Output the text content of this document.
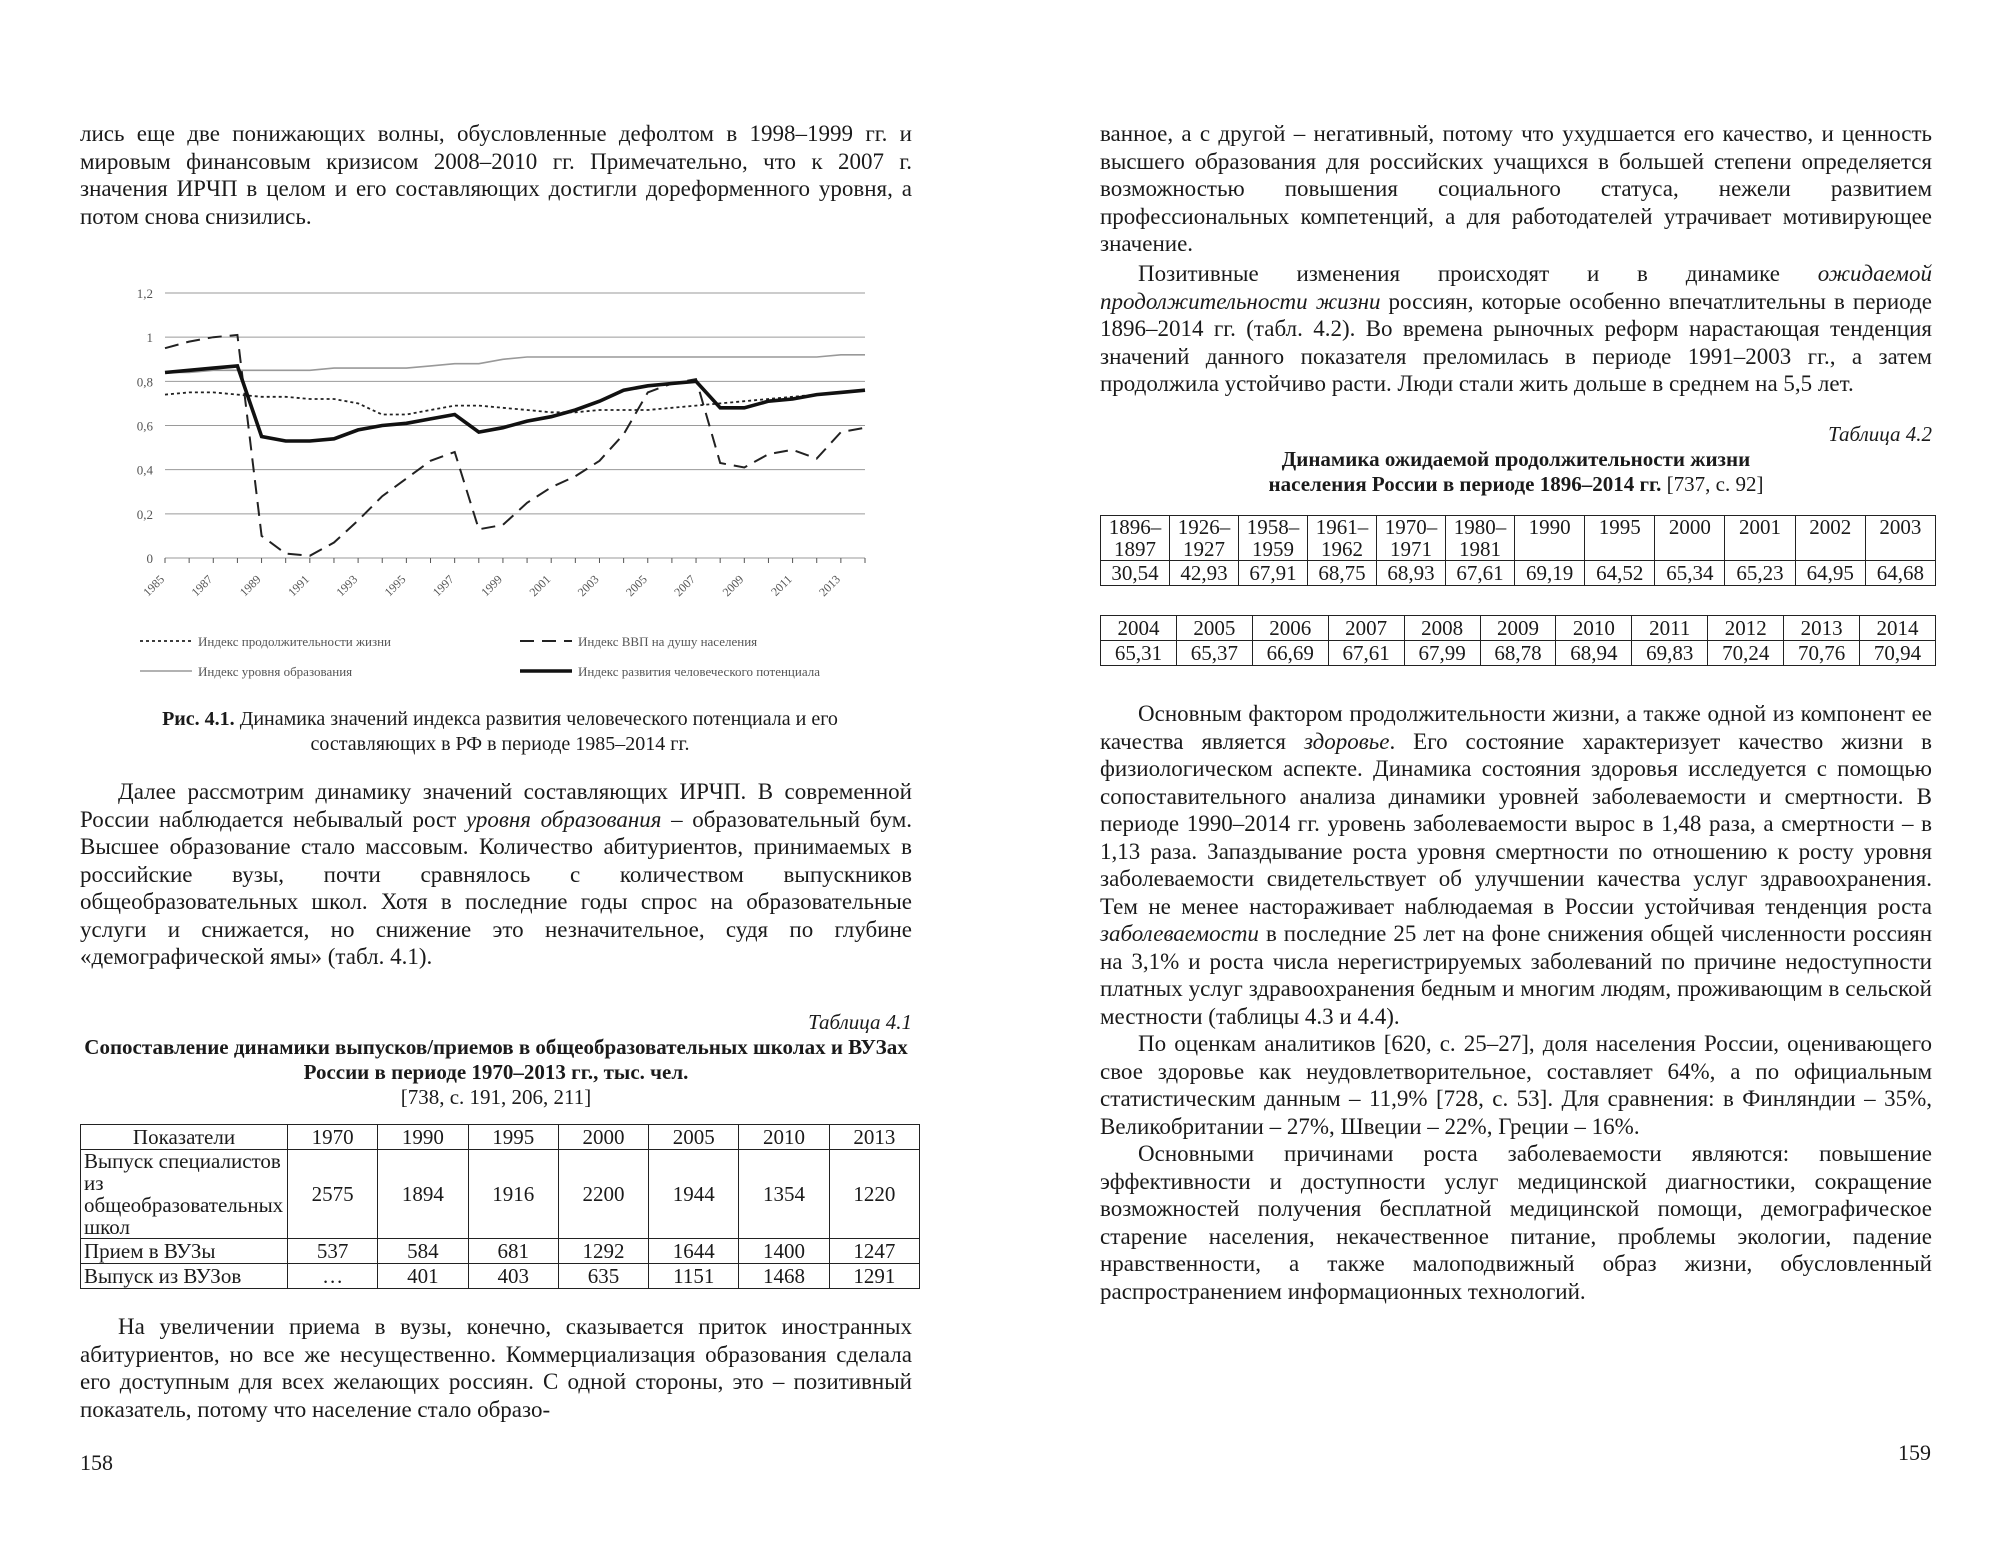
лись еще две понижающих волны, обусловленные дефолтом в 1998–1999 гг. и мировым финансовым кризисом 2008–2010 гг. Примечательно, что к 2007 г. значения ИРЧП в целом и его составляющих достигли дореформенного уровня, а потом снова снизились.

0
0,2
0,4
0,6
0,8
1
1,2
1985 1987 1989 1991 1993 1995 1997 1999 2001 2003 2005 2007 2009 2011 2013
Индекс продолжительности жизни	Индекс ВВП на душу населения
Индекс уровня образования	Индекс развития человеческого потенциала
Рис. 4.1. Динамика значений индекса развития человеческого потенциала и его составляющих в РФ в периоде 1985–2014 гг.

Далее рассмотрим динамику значений составляющих ИРЧП. В современной России наблюдается небывалый рост уровня образования – образовательный бум. Высшее образование стало массовым. Количество абитуриентов, принимаемых в российские вузы, почти сравнялось с количеством выпускников общеобразовательных школ. Хотя в последние годы спрос на образовательные услуги и снижается, но снижение это незначительное, судя по глубине «демографической ямы» (табл. 4.1).

Таблица 4.1

Сопоставление динамики выпусков/приемов в общеобразовательных школах и ВУЗах России в периоде 1970–2013 гг., тыс. чел.

[738, с. 191, 206, 211]

Показатели	1970	1990	1995	2000	2005	2010	2013
Выпуск специалистов из общеобразовательных школ	2575	1894	1916	2200	1944	1354	1220
Прием в ВУЗы	537	584	681	1292	1644	1400	1247
Выпуск из ВУЗов	…	401	403	635	1151	1468	1291

На увеличении приема в вузы, конечно, сказывается приток иностранных абитуриентов, но все же несущественно. Коммерциализация образования сделала его доступным для всех желающих россиян. С одной стороны, это – позитивный показатель, потому что население стало образо-

158

ванное, а с другой – негативный, потому что ухудшается его качество, и ценность высшего образования для российских учащихся в большей степени определяется возможностью повышения социального статуса, нежели развитием профессиональных компетенций, а для работодателей утрачивает мотивирующее значение.

Позитивные изменения происходят и в динамике ожидаемой продолжительности жизни россиян, которые особенно впечатлительны в периоде 1896–2014 гг. (табл. 4.2). Во времена рыночных реформ нарастающая тенденция значений данного показателя преломилась в периоде 1991–2003 гг., а затем продолжила устойчиво расти. Люди стали жить дольше в среднем на 5,5 лет.

Таблица 4.2

Динамика ожидаемой продолжительности жизни

населения России в периоде 1896–2014 гг. [737, с. 92]

1896–1897	1926–1927	1958–1959	1961–1962	1970–1971	1980–1981	1990	1995	2000	2001	2002	2003
30,54	42,93	67,91	68,75	68,93	67,61	69,19	64,52	65,34	65,23	64,95	64,68
2004	2005	2006	2007	2008	2009	2010	2011	2012	2013	2014
65,31	65,37	66,69	67,61	67,99	68,78	68,94	69,83	70,24	70,76	70,94

Основным фактором продолжительности жизни, а также одной из компонент ее качества является здоровье. Его состояние характеризует качество жизни в физиологическом аспекте. Динамика состояния здоровья исследуется с помощью сопоставительного анализа динамики уровней заболеваемости и смертности. В периоде 1990–2014 гг. уровень заболеваемости вырос в 1,48 раза, а смертности – в 1,13 раза. Запаздывание роста уровня смертности по отношению к росту уровня заболеваемости свидетельствует об улучшении качества услуг здравоохранения. Тем не менее настораживает наблюдаемая в России устойчивая тенденция роста заболеваемости в последние 25 лет на фоне снижения общей численности россиян на 3,1% и роста числа нерегистрируемых заболеваний по причине недоступности платных услуг здравоохранения бедным и многим людям, проживающим в сельской местности (таблицы 4.3 и 4.4).

По оценкам аналитиков [620, с. 25–27], доля населения России, оценивающего свое здоровье как неудовлетворительное, составляет 64%, а по официальным статистическим данным – 11,9% [728, с. 53]. Для сравнения: в Финляндии – 35%, Великобритании – 27%, Швеции – 22%, Греции – 16%.

Основными причинами роста заболеваемости являются: повышение эффективности и доступности услуг медицинской диагностики, сокращение возможностей получения бесплатной медицинской помощи, демографическое старение населения, некачественное питание, проблемы экологии, падение нравственности, а также малоподвижный образ жизни, обусловленный распространением информационных технологий.

159
